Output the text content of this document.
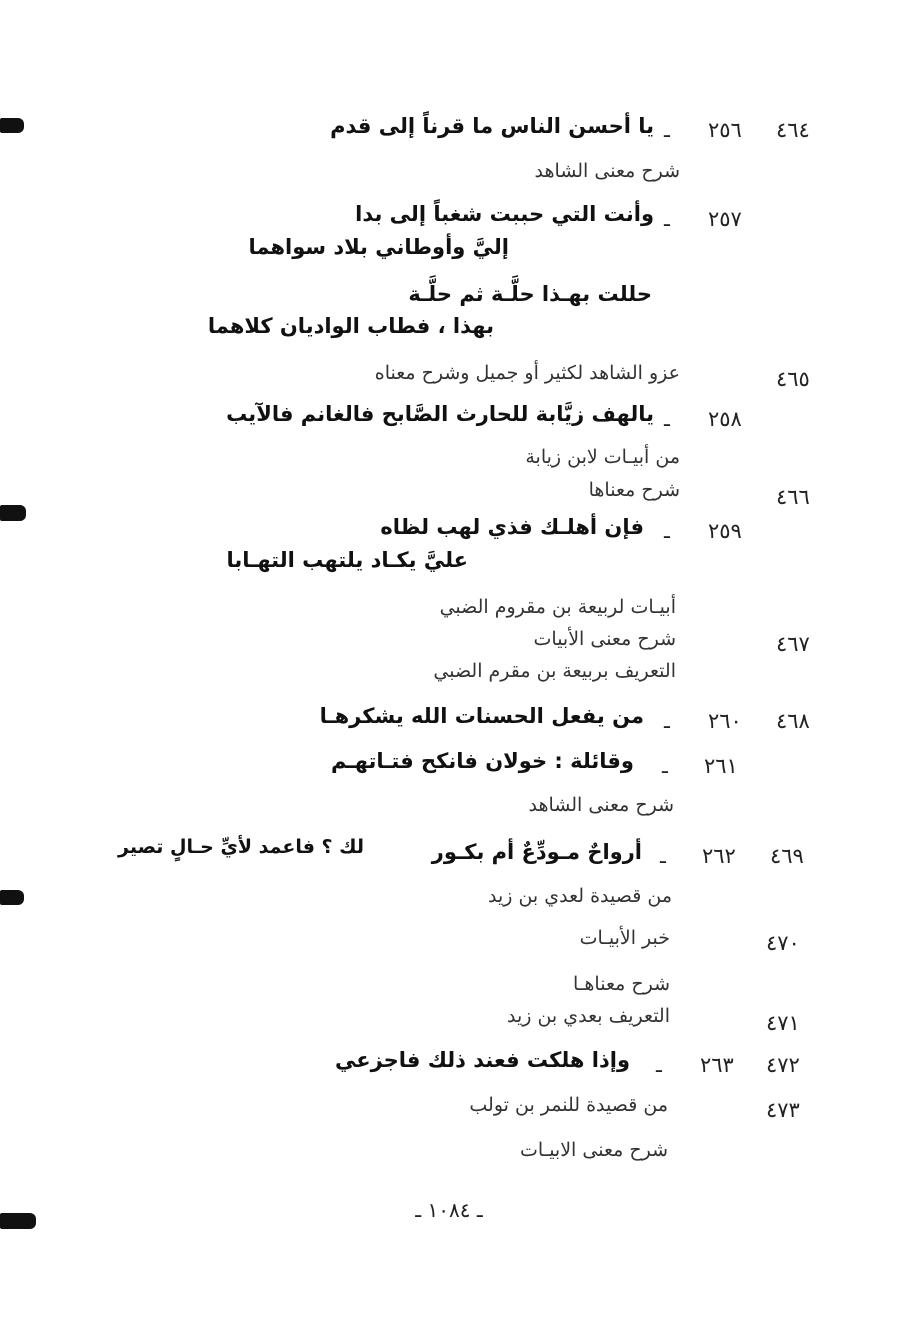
٤٦٤
٢٥٦
ـ
يا أحسن الناس ما قرناً إلى قدم
شرح معنى الشاهد
٢٥٧
ـ
وأنت التي حببت شغباً إلى بدا
إليَّ وأوطاني بلاد سواهما
حللت بهـذا حلَّـة ثم حلَّـة
بهذا ، فطاب الواديان كلاهما
٤٦٥
عزو الشاهد لكثير أو جميل وشرح معناه
٢٥٨
ـ
يالهف زيَّابة للحارث الصَّابح فالغانم فالآيب
من أبيـات لابن زيابة
٤٦٦
شرح معناها
٢٥٩
ـ
فإن أهلـك فذي لهب لظاه
عليَّ يكـاد يلتهب التهـابا
أبيـات لربيعة بن مقروم الضبي
٤٦٧
شرح معنى الأبيات
التعريف بربيعة بن مقرم الضبي
٤٦٨
٢٦٠
ـ
من يفعل الحسنات الله يشكرهـا
٢٦١
ـ
وقائلة : خولان فانكح فتـاتهـم
شرح معنى الشاهد
٤٦٩
٢٦٢
ـ
أرواحٌ مـودِّعٌ أم بكـور
لك ؟ فاعمد لأيِّ حـالٍ تصير
من قصيدة لعدي بن زيد
٤٧٠
خبر الأبيـات
شرح معناهـا
٤٧١
التعريف بعدي بن زيد
٤٧٢
٢٦٣
ـ
وإذا هلكت فعند ذلك فاجزعي
٤٧٣
من قصيدة للنمر بن تولب
شرح معنى الابيـات
ـ ١٠٨٤ ـ
